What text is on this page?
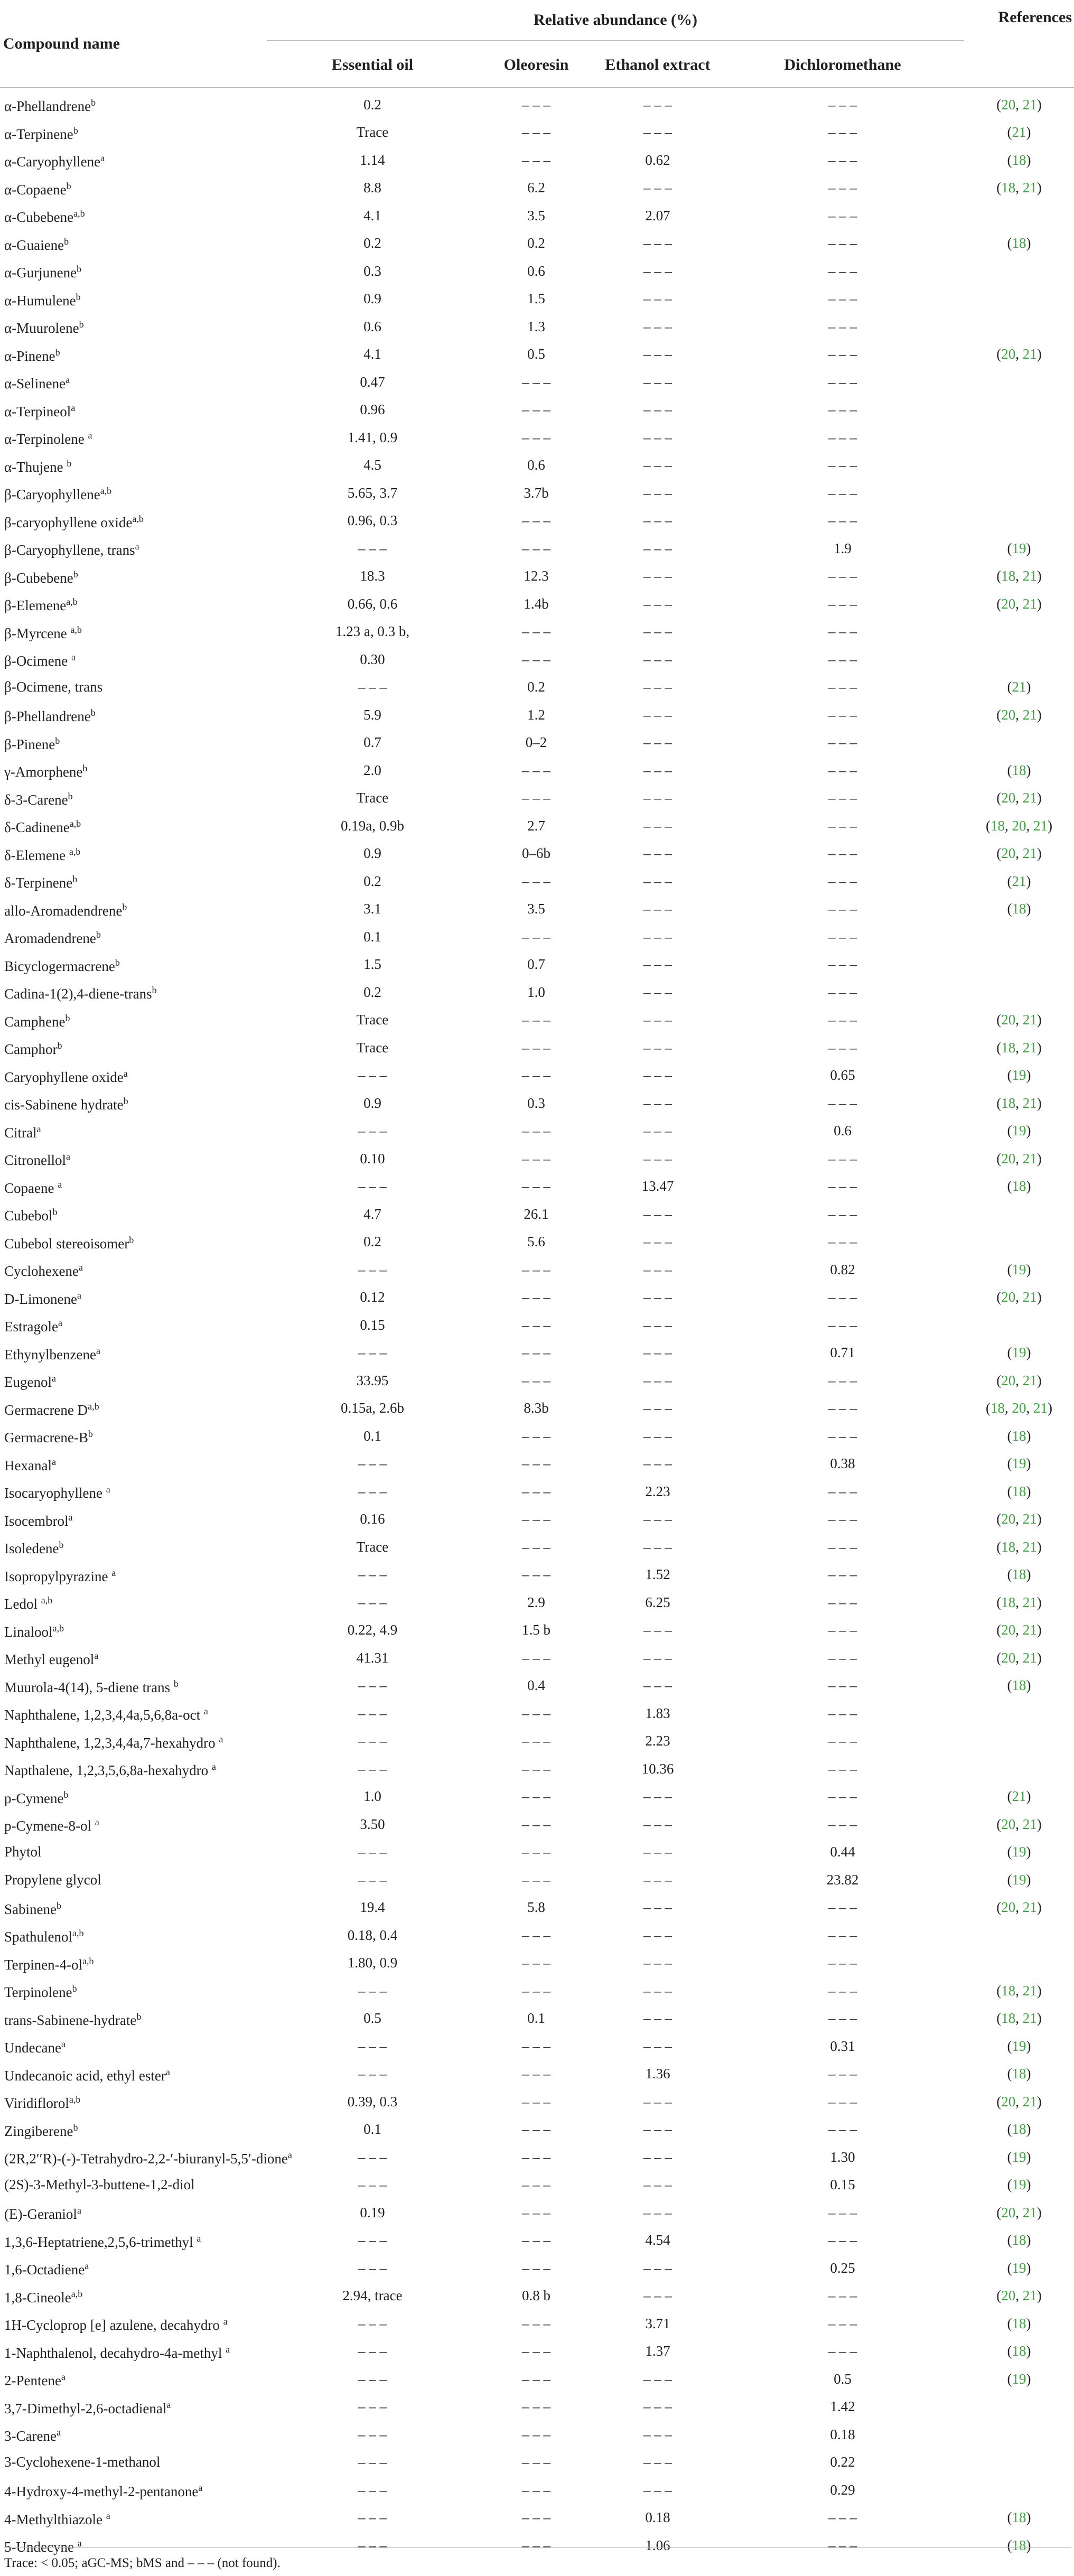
Compound name	Relative abundance (%)				References
	Essential oil	Oleoresin	Ethanol extract	Dichloromethane	
α-Phellandrene$^b$	0.2	– – –	– – –	– – –	(20, 21)
α-Terpinene$^b$	Trace	– – –	– – –	– – –	(21)
α-Caryophyllene$^a$	1.14	– – –	0.62	– – –	(18)
α-Copaene$^b$	8.8	6.2	– – –	– – –	(18, 21)
α-Cubebene$^{a,b}$	4.1	3.5	2.07	– – –	
α-Guaiene$^b$	0.2	0.2	– – –	– – –	(18)
α-Gurjunene$^b$	0.3	0.6	– – –	– – –	
α-Humulene$^b$	0.9	1.5	– – –	– – –	
α-Muurolene$^b$	0.6	1.3	– – –	– – –	
α-Pinene$^b$	4.1	0.5	– – –	– – –	(20, 21)
α-Selinene$^a$	0.47	– – –	– – –	– – –	
α-Terpineol$^a$	0.96	– – –	– – –	– – –	
α-Terpinolene $^a$	1.41, 0.9	– – –	– – –	– – –	
α-Thujene $^b$	4.5	0.6	– – –	– – –	
β-Caryophyllene$^{a,b}$	5.65, 3.7	3.7b	– – –	– – –	
β-caryophyllene oxide$^{a,b}$	0.96, 0.3	– – –	– – –	– – –	
β-Caryophyllene, trans$^a$	– – –	– – –	– – –	1.9	(19)
β-Cubebene$^b$	18.3	12.3	– – –	– – –	(18, 21)
β-Elemene$^{a,b}$	0.66, 0.6	1.4b	– – –	– – –	(20, 21)
β-Myrcene $^{a,b}$	1.23 a, 0.3 b,	– – –	– – –	– – –	
β-Ocimene $^a$	0.30	– – –	– – –	– – –	
β-Ocimene, trans	– – –	0.2	– – –	– – –	(21)
β-Phellandrene$^b$	5.9	1.2	– – –	– – –	(20, 21)
β-Pinene$^b$	0.7	0–2	– – –	– – –	
γ-Amorphene$^b$	2.0	– – –	– – –	– – –	(18)
δ-3-Carene$^b$	Trace	– – –	– – –	– – –	(20, 21)
δ-Cadinene$^{a,b}$	0.19a, 0.9b	2.7	– – –	– – –	(18, 20, 21)
δ-Elemene $^{a,b}$	0.9	0–6b	– – –	– – –	(20, 21)
δ-Terpinene$^b$	0.2	– – –	– – –	– – –	(21)
allo-Aromadendrene$^b$	3.1	3.5	– – –	– – –	(18)
Aromadendrene$^b$	0.1	– – –	– – –	– – –	
Bicyclogermacrene$^b$	1.5	0.7	– – –	– – –	
Cadina-1(2),4-diene-trans$^b$	0.2	1.0	– – –	– – –	
Camphene$^b$	Trace	– – –	– – –	– – –	(20, 21)
Camphor$^b$	Trace	– – –	– – –	– – –	(18, 21)
Caryophyllene oxide$^a$	– – –	– – –	– – –	0.65	(19)
cis-Sabinene hydrate$^b$	0.9	0.3	– – –	– – –	(18, 21)
Citral$^a$	– – –	– – –	– – –	0.6	(19)
Citronellol$^a$	0.10	– – –	– – –	– – –	(20, 21)
Copaene $^a$	– – –	– – –	13.47	– – –	(18)
Cubebol$^b$	4.7	26.1	– – –	– – –	
Cubebol stereoisomer$^b$	0.2	5.6	– – –	– – –	
Cyclohexene$^a$	– – –	– – –	– – –	0.82	(19)
D-Limonene$^a$	0.12	– – –	– – –	– – –	(20, 21)
Estragole$^a$	0.15	– – –	– – –	– – –	
Ethynylbenzene$^a$	– – –	– – –	– – –	0.71	(19)
Eugenol$^a$	33.95	– – –	– – –	– – –	(20, 21)
Germacrene D$^{a,b}$	0.15a, 2.6b	8.3b	– – –	– – –	(18, 20, 21)
Germacrene-$B^b$	0.1	– – –	– – –	– – –	(18)
Hexanal$^a$	– – –	– – –	– – –	0.38	(19)
Isocaryophyllene $^a$	– – –	– – –	2.23	– – –	(18)
Isocembrol$^a$	0.16	– – –	– – –	– – –	(20, 21)
Isoledene$^b$	Trace	– – –	– – –	– – –	(18, 21)
Isopropylpyrazine $^a$	– – –	– – –	1.52	– – –	(18)
Ledol $^{a,b}$	– – –	2.9	6.25	– – –	(18, 21)
Linalool$^{a,b}$	0.22, 4.9	1.5 b	– – –	– – –	(20, 21)
Methyl eugenol$^a$	41.31	– – –	– – –	– – –	(20, 21)
Muurola-4(14), 5-diene trans $^b$	– – –	0.4	– – –	– – –	(18)
Naphthalene, 1,2,3,4,4a,5,6,8a-oct $^a$	– – –	– – –	1.83	– – –	
Naphthalene, 1,2,3,4,4a,7-hexahydro $^a$	– – –	– – –	2.23	– – –	
Napthalene, 1,2,3,5,6,8a-hexahydro $^a$	– – –	– – –	10.36	– – –	
p-Cymene$^b$	1.0	– – –	– – –	– – –	(21)
p-Cymene-8-ol $^a$	3.50	– – –	– – –	– – –	(20, 21)
Phytol	– – –	– – –	– – –	0.44	(19)
Propylene glycol	– – –	– – –	– – –	23.82	(19)
Sabinene$^b$	19.4	5.8	– – –	– – –	(20, 21)
Spathulenol$^{a,b}$	0.18, 0.4	– – –	– – –	– – –	
Terpinen-4-ol$^{a,b}$	1.80, 0.9	– – –	– – –	– – –	
Terpinolene$^b$	– – –	– – –	– – –	– – –	(18, 21)
trans-Sabinene-hydrate$^b$	0.5	0.1	– – –	– – –	(18, 21)
Undecane$^a$	– – –	– – –	– – –	0.31	(19)
Undecanoic acid, ethyl ester$^a$	– – –	– – –	1.36	– – –	(18)
Viridiflorol$^{a,b}$	0.39, 0.3	– – –	– – –	– – –	(20, 21)
Zingiberene$^b$	0.1	– – –	– – –	– – –	(18)
(2R,2′′R)-(-)-Tetrahydro-2,2-′-biuranyl-5,5′-dione$^a$	– – –	– – –	– – –	1.30	(19)
(2S)-3-Methyl-3-buttene-1,2-diol	– – –	– – –	– – –	0.15	(19)
(E)-Geraniol$^a$	0.19	– – –	– – –	– – –	(20, 21)
1,3,6-Heptatriene,2,5,6-trimethyl $^a$	– – –	– – –	4.54	– – –	(18)
1,6-Octadiene$^a$	– – –	– – –	– – –	0.25	(19)
1,8-Cineole$^{a,b}$	2.94, trace	0.8 b	– – –	– – –	(20, 21)
1H-Cycloprop [e] azulene, decahydro $^a$	– – –	– – –	3.71	– – –	(18)
1-Naphthalenol, decahydro-4a-methyl $^a$	– – –	– – –	1.37	– – –	(18)
2-Pentene$^a$	– – –	– – –	– – –	0.5	(19)
3,7-Dimethyl-2,6-octadienal$^a$	– – –	– – –	– – –	1.42	
3-Carene$^a$	– – –	– – –	– – –	0.18	
3-Cyclohexene-1-methanol	– – –	– – –	– – –	0.22	
4-Hydroxy-4-methyl-2-pentanone$^a$	– – –	– – –	– – –	0.29	
4-Methylthiazole $^a$	– – –	– – –	0.18	– – –	(18)
5-Undecyne $^a$	– – –	– – –	1.06	– – –	(18)
Trace: < 0.05; aGC-MS; bMS and – – – (not found).
